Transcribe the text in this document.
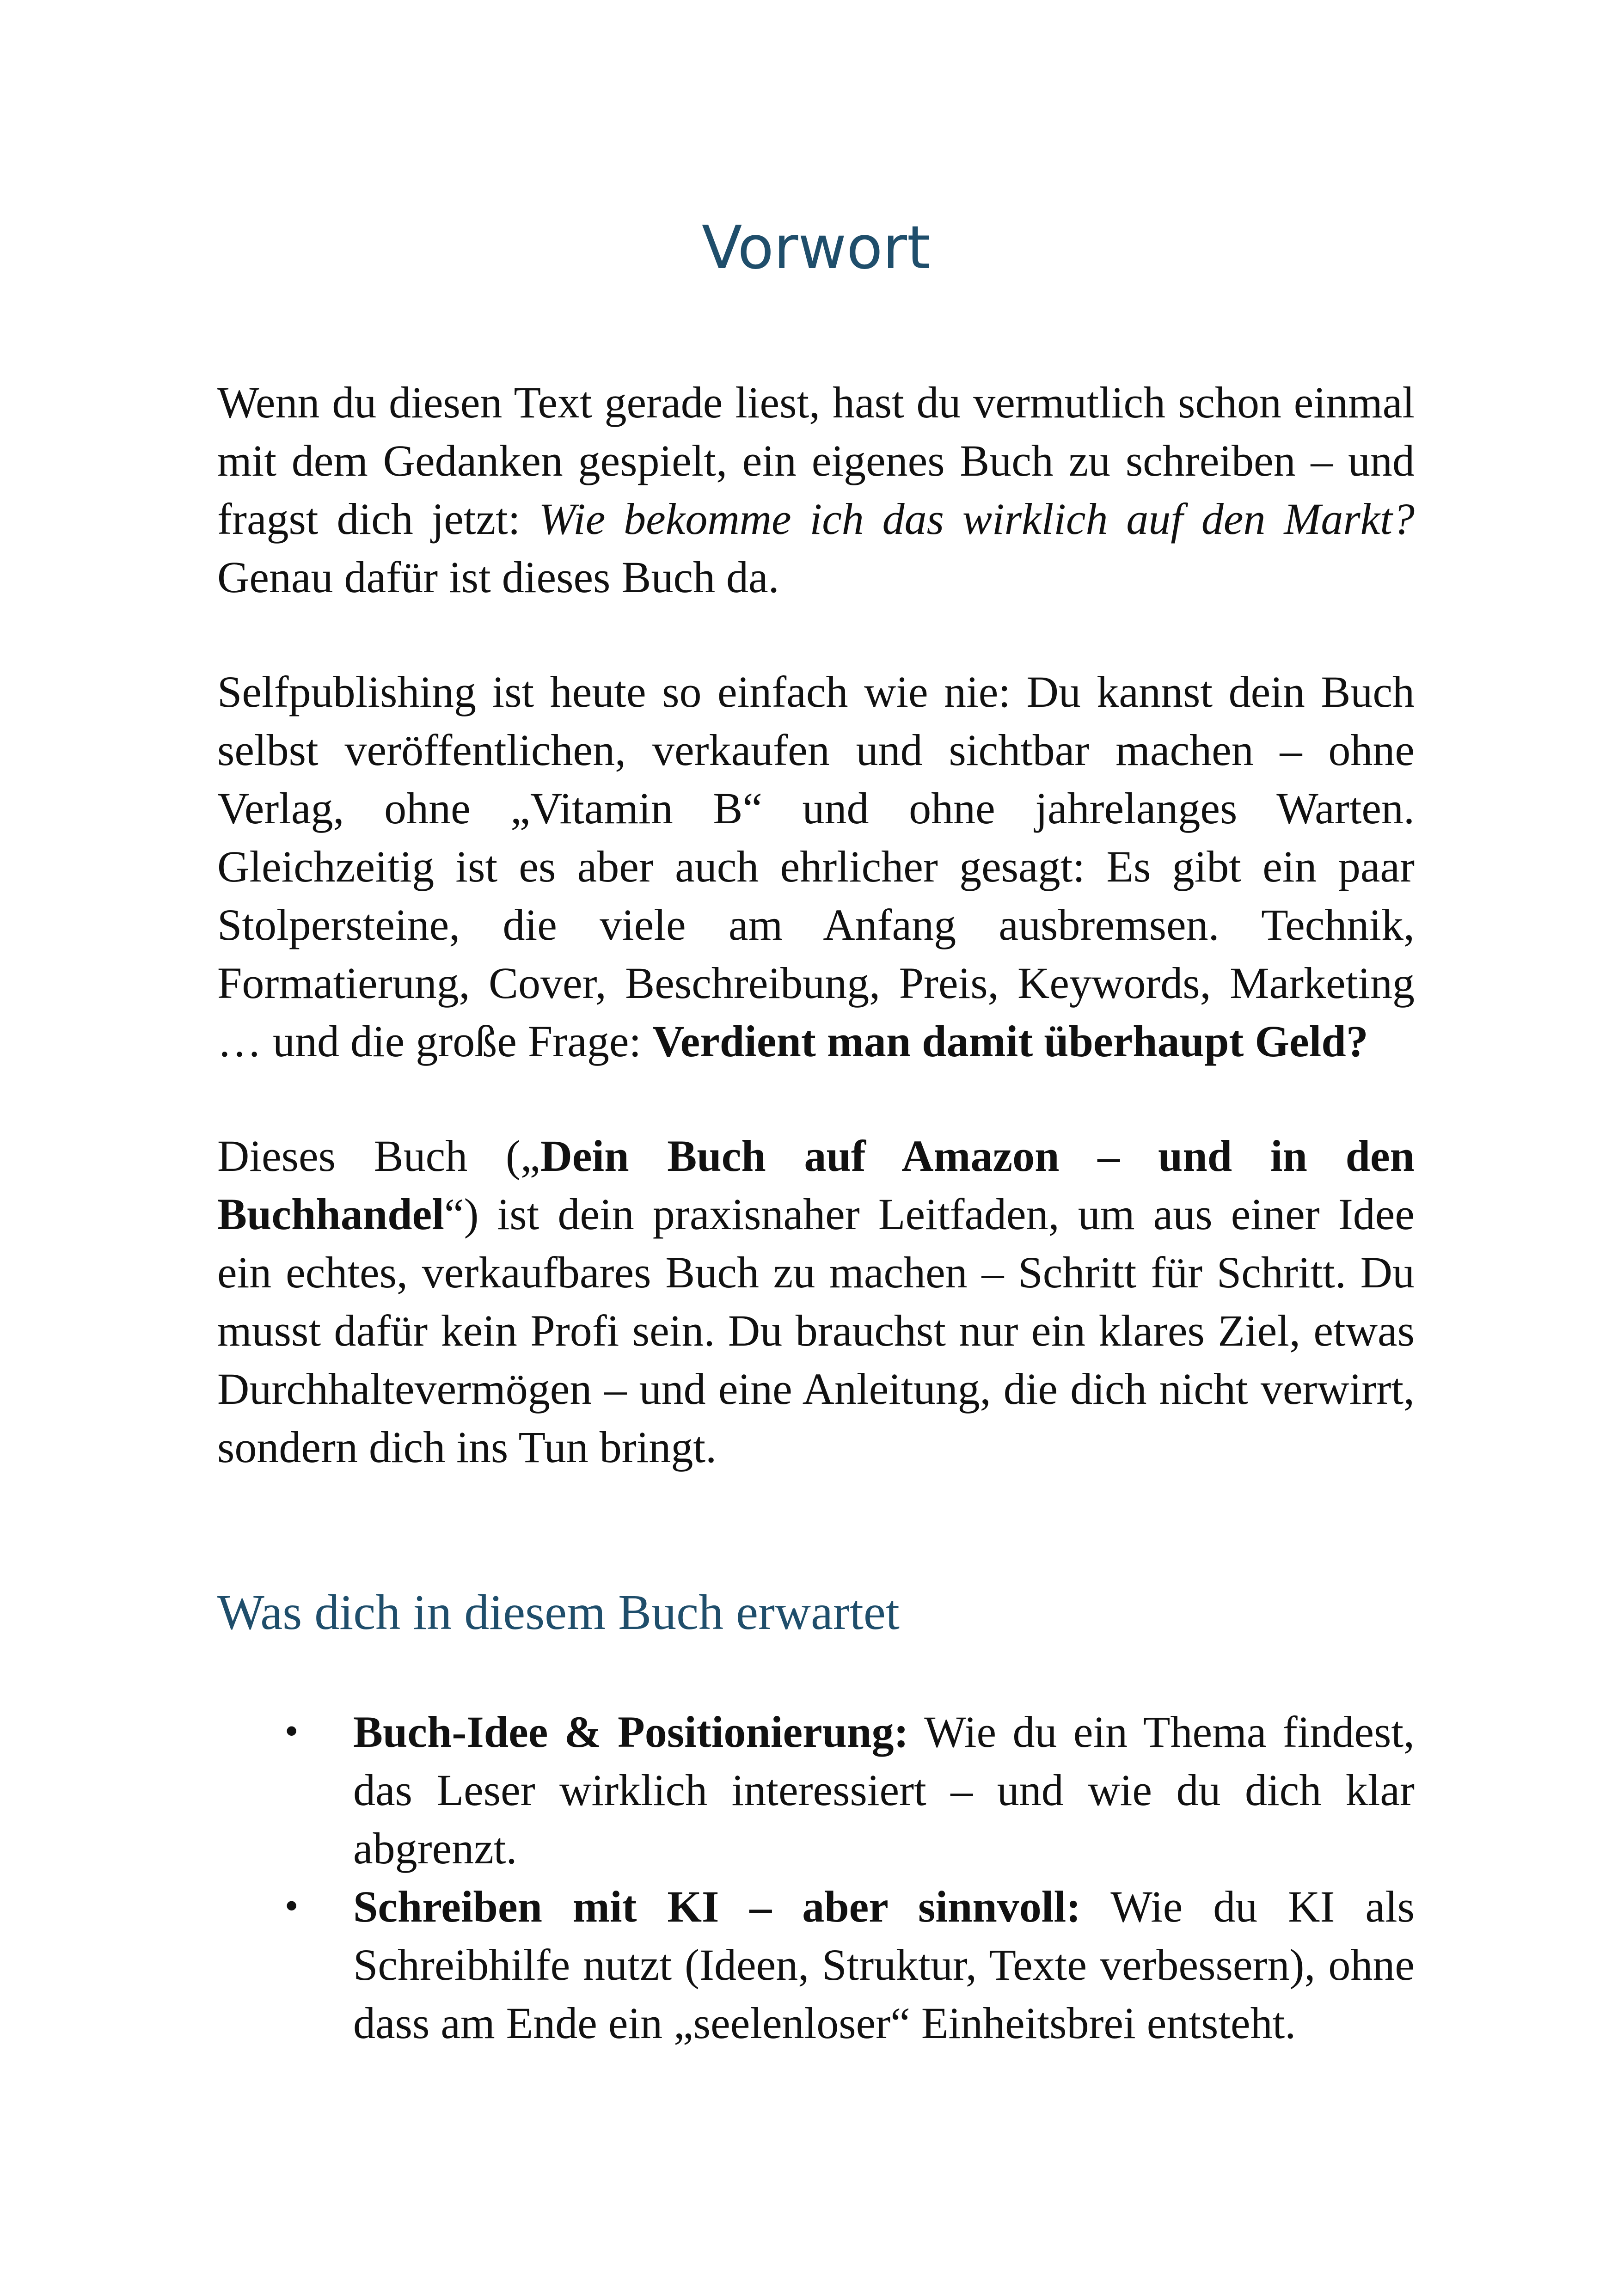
Vorwort

Wenn du diesen Text gerade liest, hast du vermutlich schon einmal mit dem Gedanken gespielt, ein eigenes Buch zu schreiben – und fragst dich jetzt: Wie bekomme ich das wirklich auf den Markt? Genau dafür ist dieses Buch da.

Selfpublishing ist heute so einfach wie nie: Du kannst dein Buch selbst veröffentlichen, verkaufen und sichtbar machen – ohne Verlag, ohne „Vitamin B“ und ohne jahrelanges Warten. Gleichzeitig ist es aber auch ehrlicher gesagt: Es gibt ein paar Stolpersteine, die viele am Anfang ausbremsen. Technik, Formatierung, Cover, Beschreibung, Preis, Keywords, Marketing … und die große Frage: Verdient man damit überhaupt Geld?

Dieses Buch („Dein Buch auf Amazon – und in den Buchhandel“) ist dein praxisnaher Leitfaden, um aus einer Idee ein echtes, verkaufbares Buch zu machen – Schritt für Schritt. Du musst dafür kein Profi sein. Du brauchst nur ein klares Ziel, etwas Durchhaltevermögen – und eine Anleitung, die dich nicht verwirrt, sondern dich ins Tun bringt.

Was dich in diesem Buch erwartet
• Buch-Idee & Positionierung: Wie du ein Thema findest, das Leser wirklich interessiert – und wie du dich klar abgrenzt.
• Schreiben mit KI – aber sinnvoll: Wie du KI als Schreibhilfe nutzt (Ideen, Struktur, Texte verbessern), ohne dass am Ende ein „seelenloser“ Einheitsbrei entsteht.
